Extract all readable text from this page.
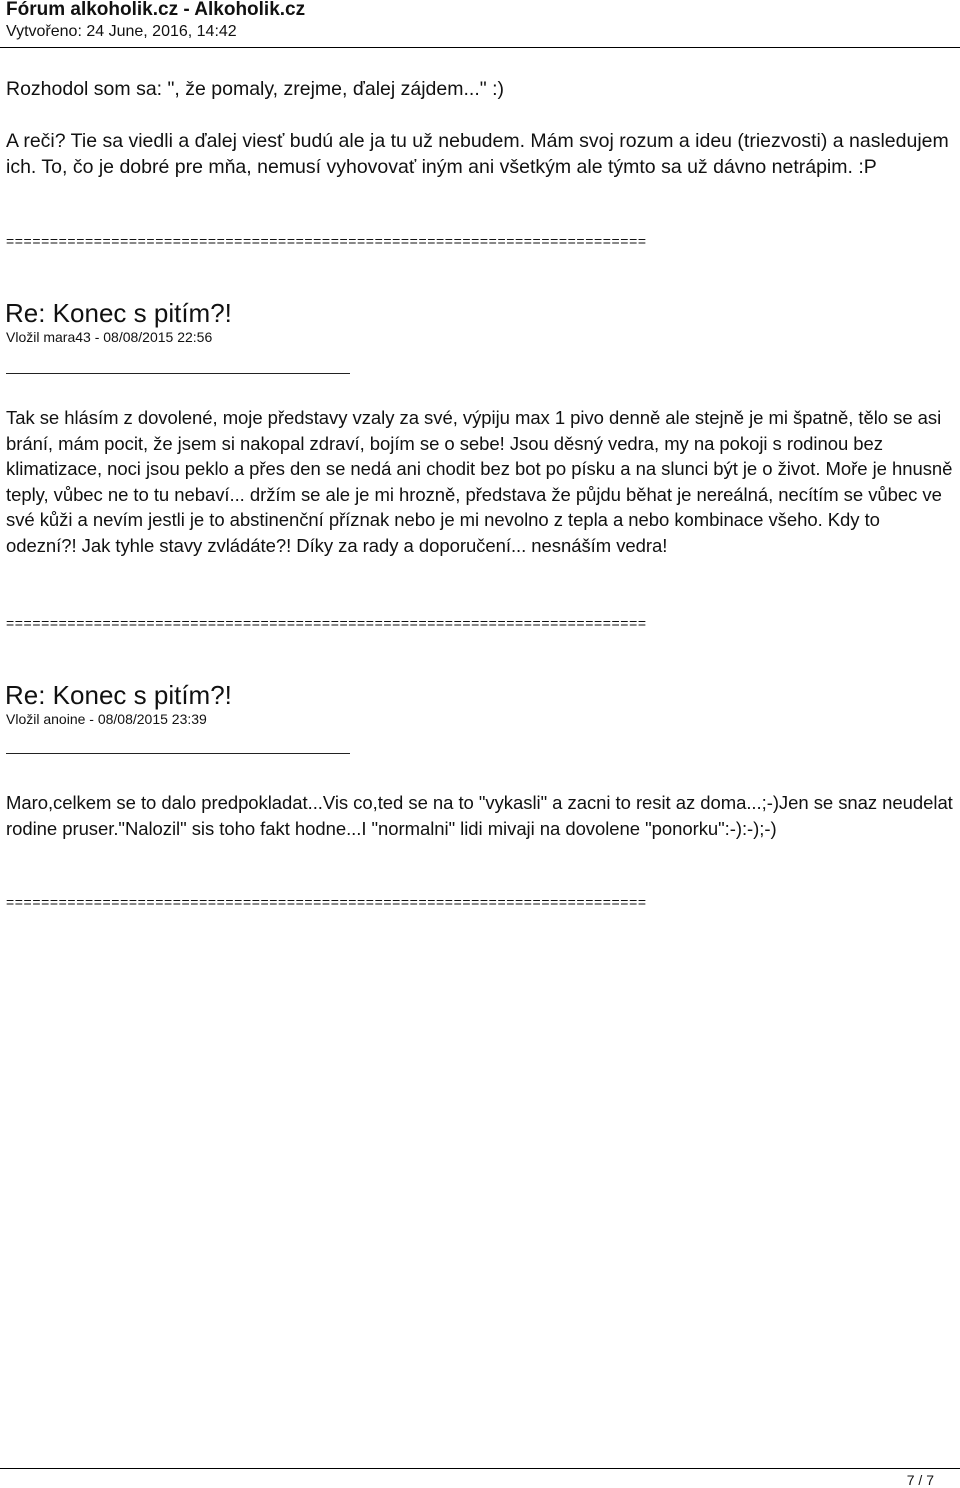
Fórum alkoholik.cz - Alkoholik.cz
Vytvořeno: 24 June, 2016, 14:42

Rozhodol som sa: ", že pomaly, zrejme, ďalej zájdem..." :)

A reči? Tie sa viedli a ďalej viesť budú ale ja tu už nebudem. Mám svoj rozum a ideu (triezvosti) a nasledujem ich. To, čo je dobré pre mňa, nemusí vyhovovať iným ani všetkým ale týmto sa už dávno netrápim. :P

=========================================================================
Re: Konec s pitím?!
Vložil mara43 - 08/08/2015 22:56

Tak se hlásím z dovolené, moje představy vzaly za své, výpiju max 1 pivo denně ale stejně je mi špatně, tělo se asi brání, mám pocit, že jsem si nakopal zdraví, bojím se o sebe! Jsou děsný vedra, my na pokoji s rodinou bez klimatizace, noci jsou peklo a přes den se nedá ani chodit bez bot po písku a na slunci být je o život. Moře je hnusně teply, vůbec ne to tu nebaví... držím se ale je mi hrozně, představa že půjdu běhat je nereálná, necítím se vůbec ve své kůži a nevím jestli je to abstinenční příznak nebo je mi nevolno z tepla a nebo kombinace všeho. Kdy to odezní?! Jak tyhle stavy zvládáte?! Díky za rady a doporučení... nesnáším vedra!

=========================================================================
Re: Konec s pitím?!
Vložil anoine - 08/08/2015 23:39

Maro,celkem se to dalo predpokladat...Vis co,ted se na to "vykasli" a zacni to resit az doma...;-)Jen se snaz neudelat rodine pruser."Nalozil" sis toho fakt hodne...I "normalni" lidi mivaji na dovolene "ponorku":-):-);-)

=========================================================================
7 / 7
